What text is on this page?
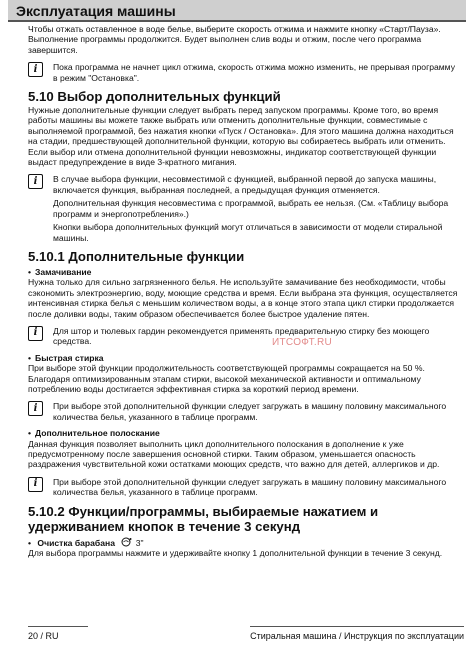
Эксплуатация машины

Чтобы отжать оставленное в воде белье, выберите скорость отжима и нажмите кнопку «Старт/Пауза».

Выполнение программы продолжится. Будет выполнен слив воды и отжим, после чего программа завершится.

i	Пока программа не начнет цикл отжима, скорость отжима можно изменить, не прерывая программу в режим "Остановка".

5.10 Выбор дополнительных функций

Нужные дополнительные функции следует выбрать перед запуском программы. Кроме того, во время работы машины вы можете также выбрать или отменить дополнительные функции, совместимые с выполняемой программой, без нажатия кнопки «Пуск / Остановка». Для этого машина должна находиться на стадии, предшествующей дополнительной функции, которую вы собираетесь выбрать или отменить.

Если выбор или отмена дополнительной функции невозможны, индикатор соответствующей функции выдаст предупреждение в виде 3-кратного мигания.

i	В случае выбора функции, несовместимой с функцией, выбранной первой до запуска машины, включается функция, выбранная последней, а предыдущая функция отменяется.

Дополнительная функция несовместима с программой, выбрать ее нельзя. (См. «Таблицу выбора программ и энергопотребления».)

Кнопки выбора дополнительных функций могут отличаться в зависимости от модели стиральной машины.

5.10.1 Дополнительные функции
• Замачивание

Нужна только для сильно загрязненного белья. Не используйте замачивание без необходимости, чтобы сэкономить электроэнергию, воду, моющие средства и время. Если выбрана эта функция, осуществляется интенсивная стирка белья с меньшим количеством воды, а в конце этого этапа цикл стирки продолжается после доливки воды, таким образом обеспечивается более быстрое удаление пятен.

i	Для штор и тюлевых гардин рекомендуется применять предварительную стирку без моющего средства.

• Быстрая стирка

При выборе этой функции продолжительность соответствующей программы сокращается на 50 %. Благодаря оптимизированным этапам стирки, высокой механической активности и оптимальному потреблению воды достигается эффективная стирка за короткий период времени.

i	При выборе этой дополнительной функции следует загружать в машину половину максимального количества белья, указанного в таблице программ.

• Дополнительное полоскание

Данная функция позволяет выполнить цикл дополнительного полоскания в дополнение к уже предусмотренному после завершения основной стирки. Таким образом, уменьшается опасность раздражения чувствительной кожи остатками моющих средств, что важно для детей, аллергиков и др.

i	При выборе этой дополнительной функции следует загружать в машину половину максимального количества белья, указанного в таблице программ.

5.10.2 Функции/программы, выбираемые нажатием и
удерживанием кнопок в течение 3 секунд
• Очистка барабана 3"

Для выбора программы нажмите и удерживайте кнопку 1 дополнительной функции в течение 3 секунд.

ИТСОФТ.RU
20 / RU	Стиральная машина / Инструкция по эксплуатации
